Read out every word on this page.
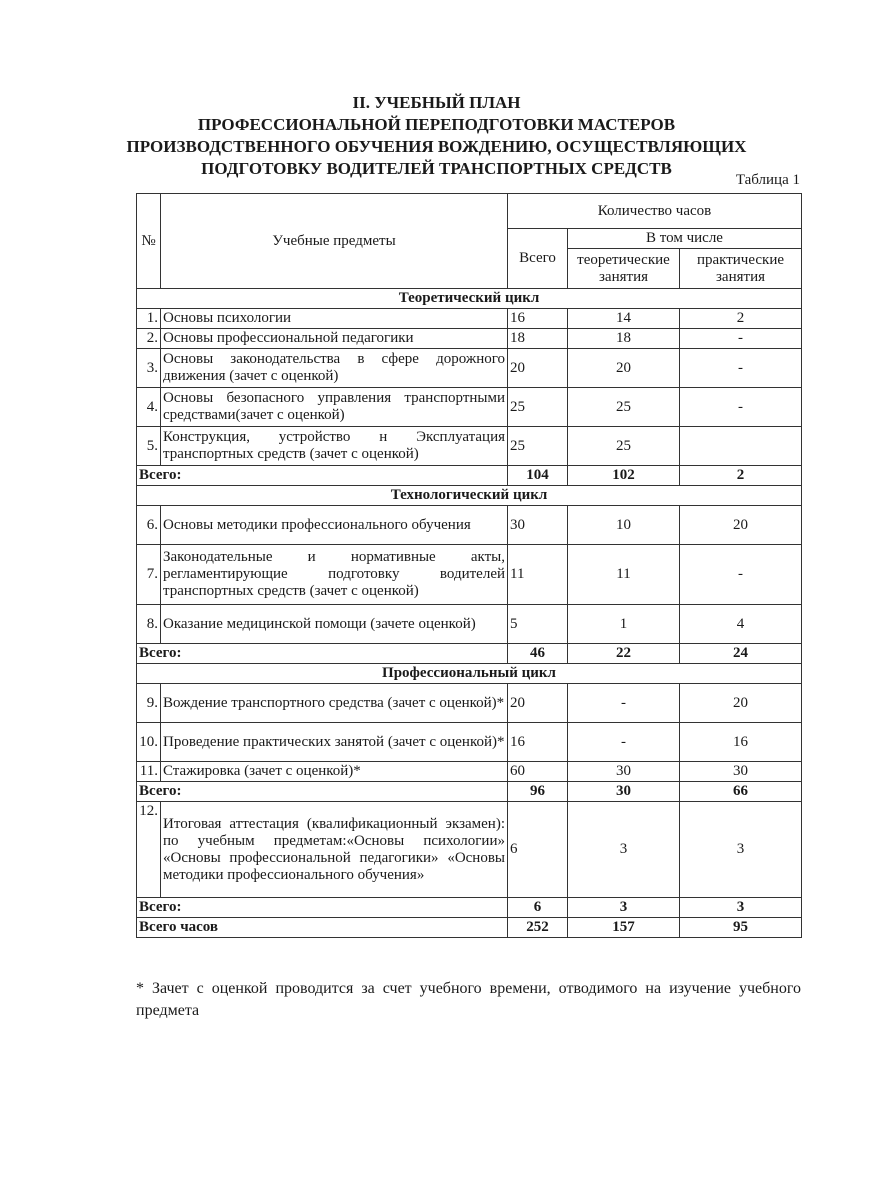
II. УЧЕБНЫЙ ПЛАН
ПРОФЕССИОНАЛЬНОЙ ПЕРЕПОДГОТОВКИ МАСТЕРОВ
ПРОИЗВОДСТВЕННОГО ОБУЧЕНИЯ ВОЖДЕНИЮ, ОСУЩЕСТВЛЯЮЩИХ
ПОДГОТОВКУ ВОДИТЕЛЕЙ ТРАНСПОРТНЫХ СРЕДСТВ
Таблица 1
№	Учебные предметы	Количество часов		
		Всего	В том числе	
			теоретические занятия	практические занятия
Теоретический цикл				
1.	Основы психологии	16	14	2
2.	Основы профессиональной педагогики	18	18	-
3.	Основы законодательства в сфере дорожного движения (зачет с оценкой)	20	20	-
4.	Основы безопасного управления транспортными средствами(зачет с оценкой)	25	25	-
5.	Конструкция, устройство н Эксплуатация транспортных средств (зачет с оценкой)	25	25	
Всего:		104	102	2
Технологический цикл				
6.	Основы методики профессионального обучения	30	10	20
7.	Законодательные и нормативные акты, регламентирующие подготовку водителей транспортных средств (зачет с оценкой)	11	11	-
8.	Оказание медицинской помощи (зачете оценкой)	5	1	4
Всего:		46	22	24
Профессиональный цикл				
9.	Вождение транспортного средства (зачет с оценкой)*	20	-	20
10.	Проведение практических занятой (зачет с оценкой)*	16	-	16
11.	Стажировка (зачет с оценкой)*	60	30	30
Всего:		96	30	66
12.	Итоговая аттестация (квалификационный экзамен): по учебным предметам:«Основы психологии» «Основы профессиональной педагогики» «Основы методики профессионального обучения»	6	3	3
Всего:		6	3	3
Всего часов		252	157	95
* Зачет с оценкой проводится за счет учебного времени, отводимого на изучение учебного предмета
